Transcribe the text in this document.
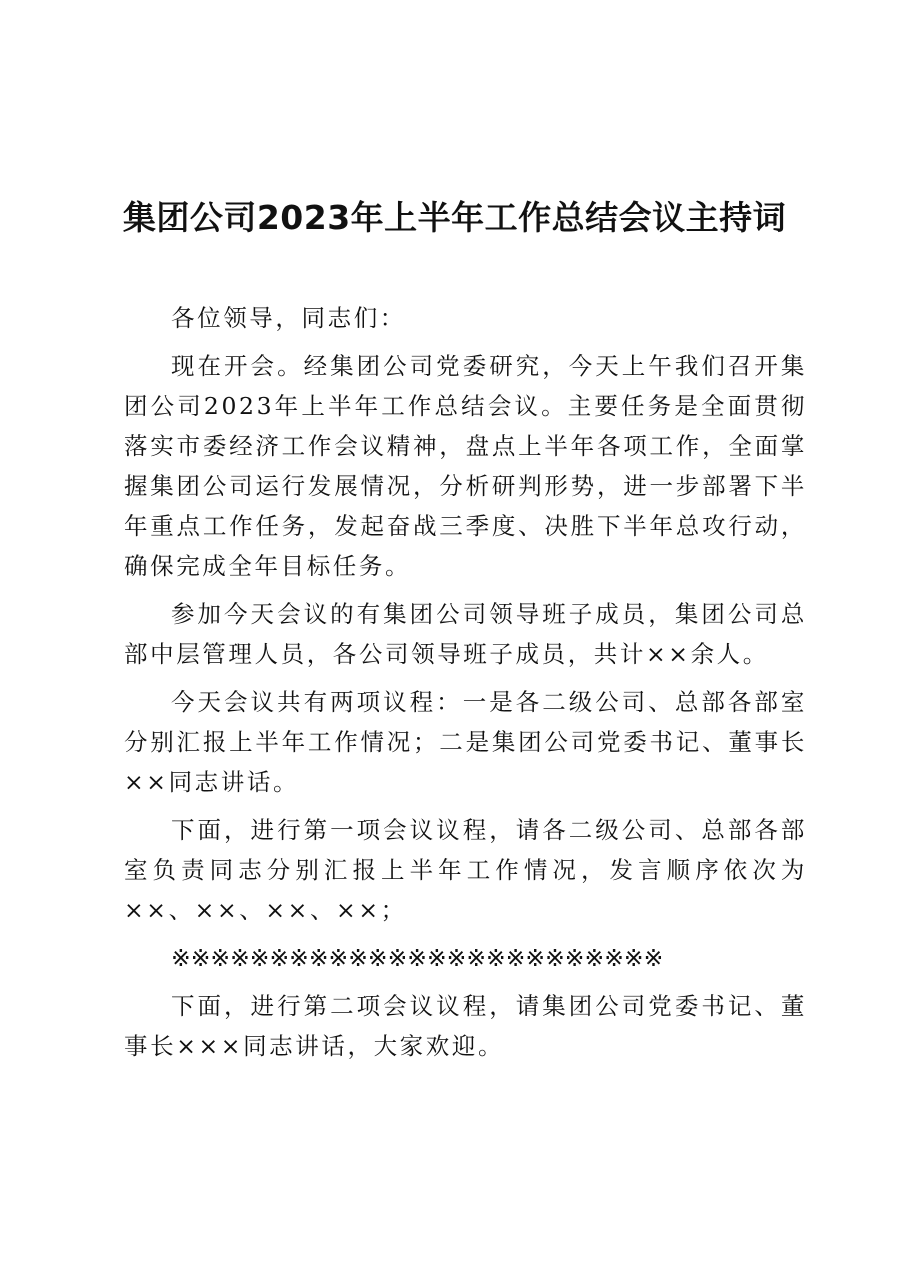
集团公司2023年上半年工作总结会议主持词

各位领导，同志们：

现在开会。经集团公司党委研究，今天上午我们召开集团公司2023年上半年工作总结会议。主要任务是全面贯彻落实市委经济工作会议精神，盘点上半年各项工作，全面掌握集团公司运行发展情况，分析研判形势，进一步部署下半年重点工作任务，发起奋战三季度、决胜下半年总攻行动，确保完成全年目标任务。

参加今天会议的有集团公司领导班子成员，集团公司总部中层管理人员，各公司领导班子成员，共计××余人。

今天会议共有两项议程：一是各二级公司、总部各部室分别汇报上半年工作情况；二是集团公司党委书记、董事长××同志讲话。

下面，进行第一项会议议程，请各二级公司、总部各部室负责同志分别汇报上半年工作情况，发言顺序依次为××、××、××、××；

※※※※※※※※※※※※※※※※※※※※※※※※※

下面，进行第二项会议议程，请集团公司党委书记、董事长×××同志讲话，大家欢迎。
